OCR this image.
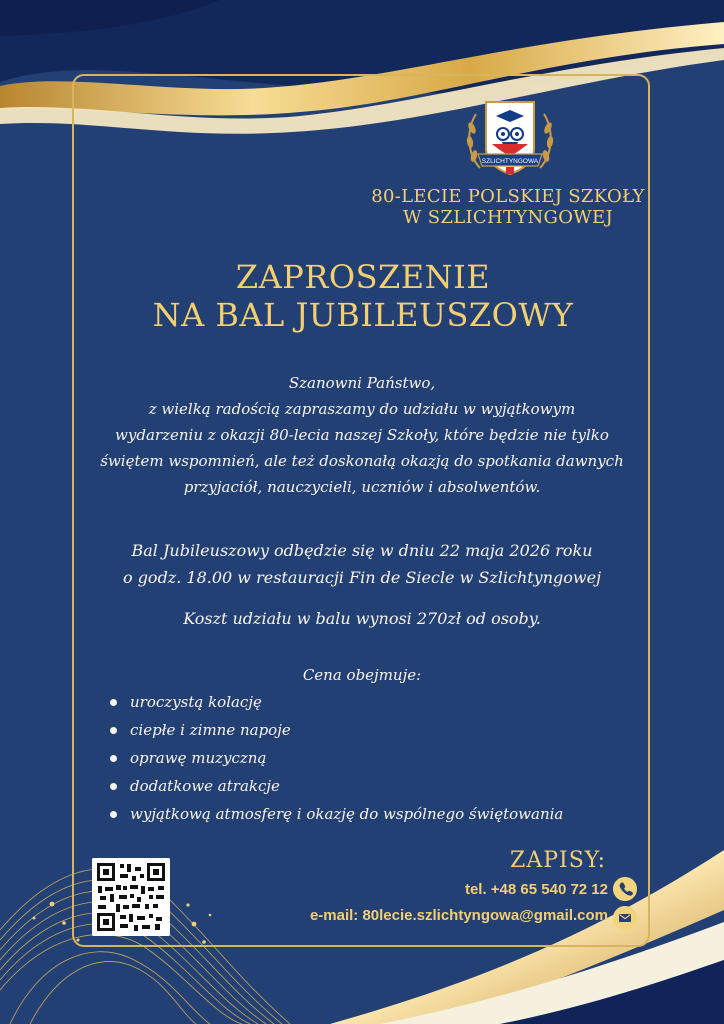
SZLICHTYNGOWA
80-LECIE POLSKIEJ SZKOŁY
W SZLICHTYNGOWEJ
ZAPROSZENIE
NA BAL JUBILEUSZOWY
Szanowni Państwo,
z wielką radością zapraszamy do udziału w wyjątkowym
wydarzeniu z okazji 80-lecia naszej Szkoły, które będzie nie tylko
świętem wspomnień, ale też doskonałą okazją do spotkania dawnych
przyjaciół, nauczycieli, uczniów i absolwentów.
Bal Jubileuszowy odbędzie się w dniu 22 maja 2026 roku
o godz. 18.00 w restauracji Fin de Siecle w Szlichtyngowej
Koszt udziału w balu wynosi 270zł od osoby.
Cena obejmuje:
uroczystą kolację
ciepłe i zimne napoje
oprawę muzyczną
dodatkowe atrakcje
wyjątkową atmosferę i okazję do wspólnego świętowania
ZAPISY:
tel. +48 65 540 72 12
e-mail: 80lecie.szlichtyngowa@gmail.com
